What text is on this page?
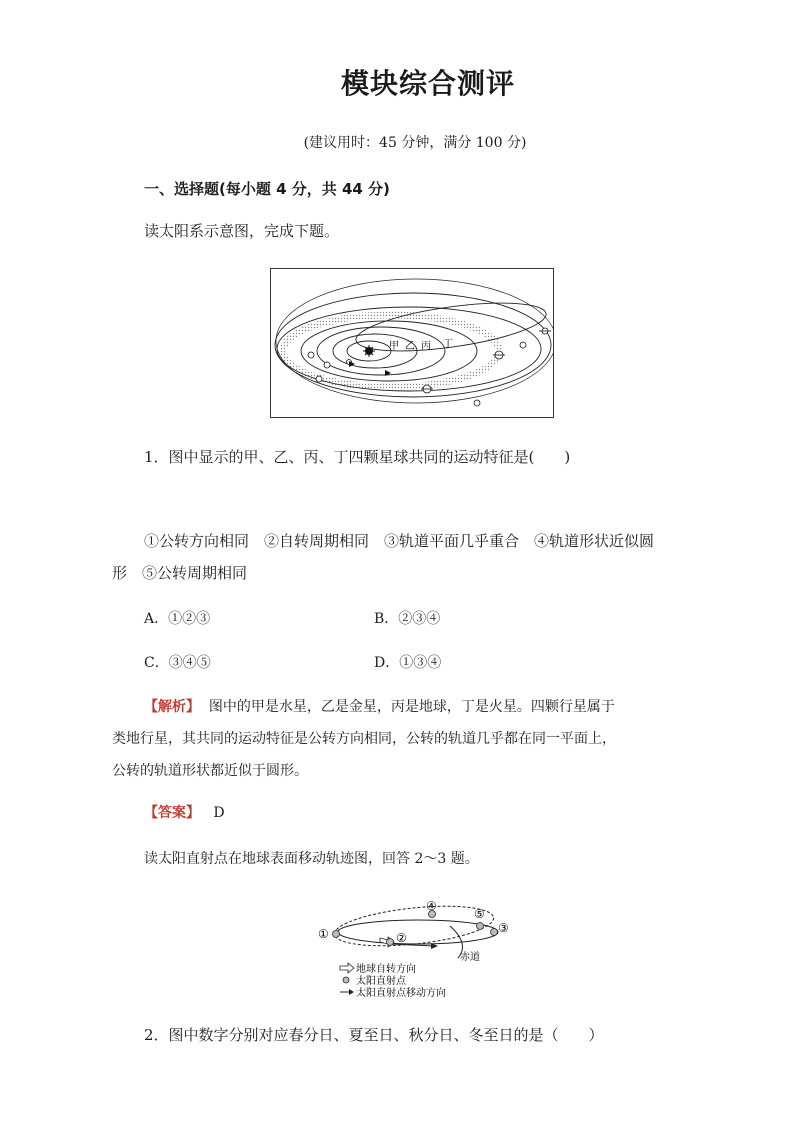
模块综合测评
(建议用时：45 分钟，满分 100 分)
一、选择题(每小题 4 分，共 44 分)
读太阳系示意图，完成下题。
甲 乙 丙 丁
1．图中显示的甲、乙、丙、丁四颗星球共同的运动特征是(　　)
①公转方向相同　②自转周期相同　③轨道平面几乎重合　④轨道形状近似圆
形　⑤公转周期相同
A．①②③	B．②③④
C．③④⑤	D．①③④
【解析】 图中的甲是水星，乙是金星，丙是地球，丁是火星。四颗行星属于
类地行星，其共同的运动特征是公转方向相同，公转的轨道几乎都在同一平面上，
公转的轨道形状都近似于圆形。
【答案】 D
读太阳直射点在地球表面移动轨迹图，回答 2～3 题。
①	②
④
⑤
③
赤道
地球自转方向
太阳直射点
太阳直射点移动方向
2．图中数字分别对应春分日、夏至日、秋分日、冬至日的是（　　）
